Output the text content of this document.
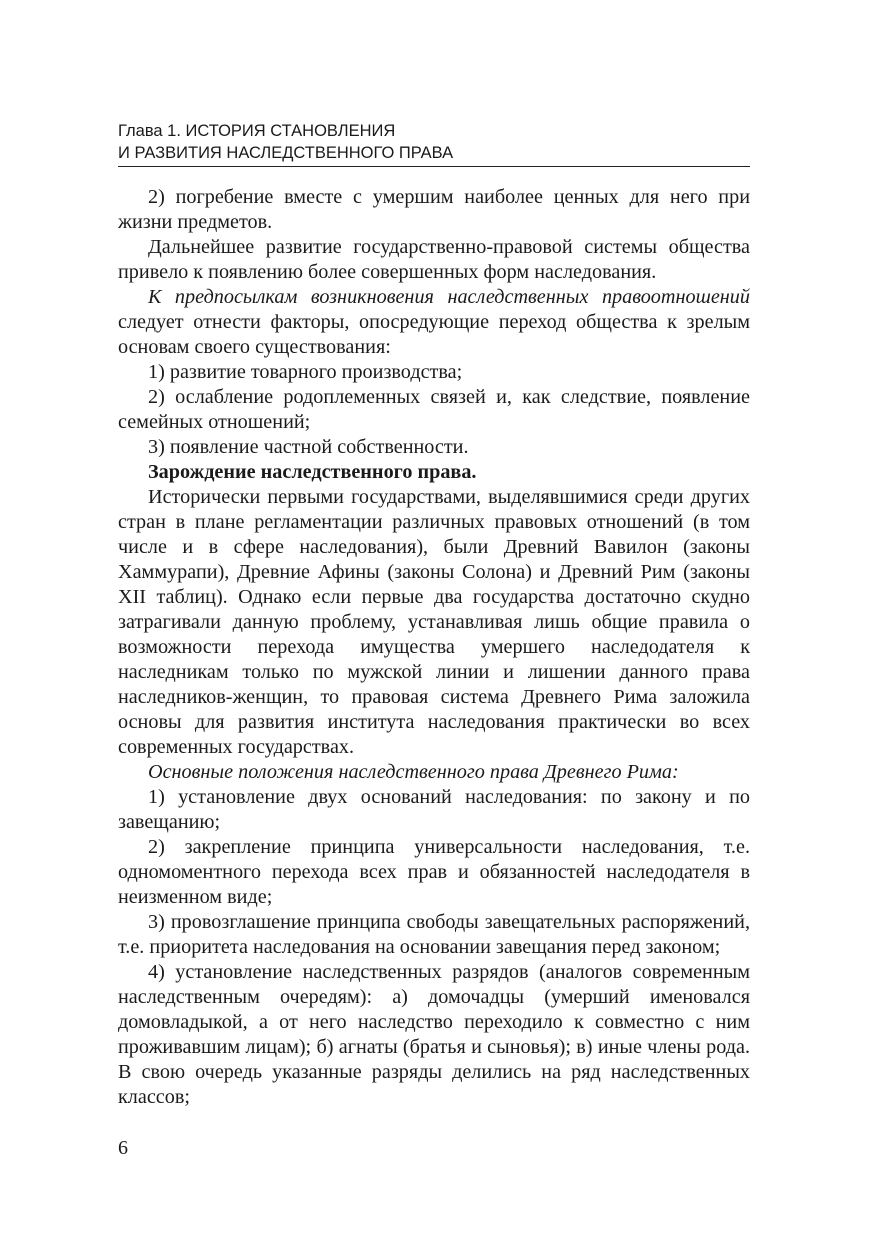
Глава 1. ИСТОРИЯ СТАНОВЛЕНИЯ
И РАЗВИТИЯ НАСЛЕДСТВЕННОГО ПРАВА

2) погребение вместе с умершим наиболее ценных для него при жизни предметов.

Дальнейшее развитие государственно-правовой системы общества привело к появлению более совершенных форм наследования.

К предпосылкам возникновения наследственных правоотношений следует отнести факторы, опосредующие переход общества к зрелым основам своего существования:

1) развитие товарного производства;

2) ослабление родоплеменных связей и, как следствие, появление семейных отношений;

3) появление частной собственности.

Зарождение наследственного права.

Исторически первыми государствами, выделявшимися среди других стран в плане регламентации различных правовых отношений (в том числе и в сфере наследования), были Древний Вавилон (законы Хаммурапи), Древние Афины (законы Солона) и Древний Рим (законы XII таблиц). Однако если первые два государства достаточно скудно затрагивали данную проблему, устанавливая лишь общие правила о возможности перехода имущества умершего наследодателя к наследникам только по мужской линии и лишении данного права наследников-женщин, то правовая система Древнего Рима заложила основы для развития института наследования практически во всех современных государствах.

Основные положения наследственного права Древнего Рима:

1) установление двух оснований наследования: по закону и по завещанию;

2) закрепление принципа универсальности наследования, т.е. одномоментного перехода всех прав и обязанностей наследодателя в неизменном виде;

3) провозглашение принципа свободы завещательных распоряжений, т.е. приоритета наследования на основании завещания перед законом;

4) установление наследственных разрядов (аналогов современным наследственным очередям): а) домочадцы (умерший именовался домовладыкой, а от него наследство переходило к совместно с ним проживавшим лицам); б) агнаты (братья и сыновья); в) иные члены рода. В свою очередь указанные разряды делились на ряд наследственных классов;

6
